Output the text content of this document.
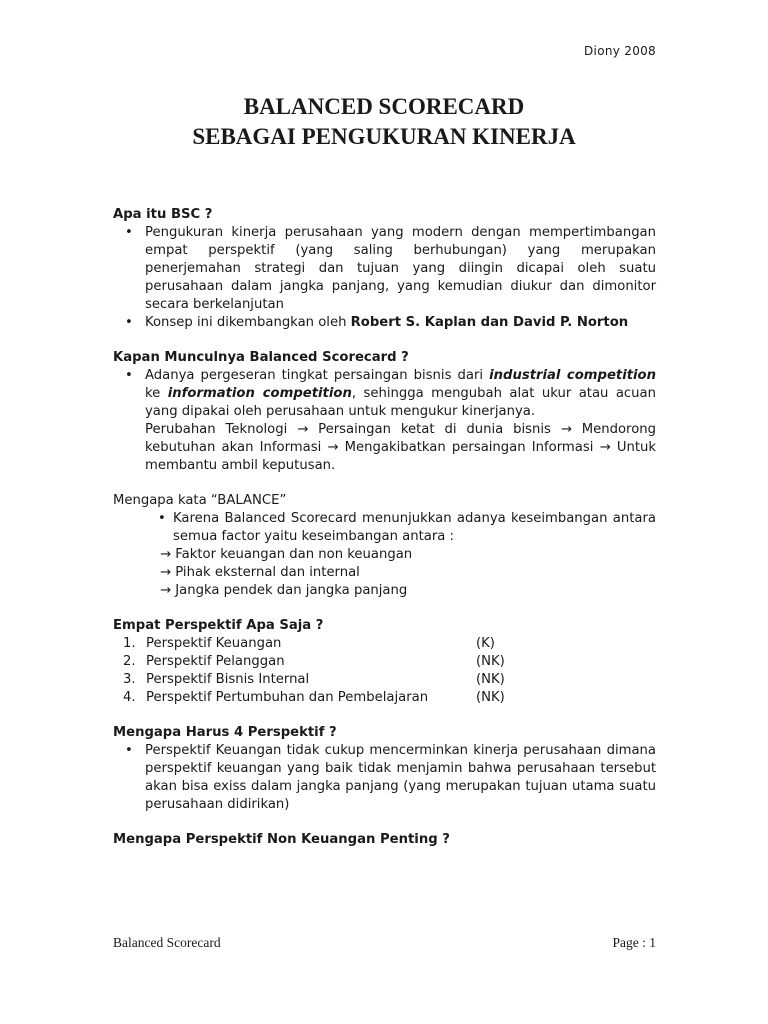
Diony 2008
BALANCED SCORECARD
SEBAGAI PENGUKURAN KINERJA

Apa itu BSC ?

• Pengukuran kinerja perusahaan yang modern dengan mempertimbangan empat perspektif (yang saling berhubungan) yang merupakan penerjemahan strategi dan tujuan yang diingin dicapai oleh suatu perusahaan dalam jangka panjang, yang kemudian diukur dan dimonitor secara berkelanjutan
• Konsep ini dikembangkan oleh Robert S. Kaplan dan David P. Norton

Kapan Munculnya Balanced Scorecard ?

• Adanya pergeseran tingkat persaingan bisnis dari industrial competition ke information competition, sehingga mengubah alat ukur atau acuan yang dipakai oleh perusahaan untuk mengukur kinerjanya.

Perubahan Teknologi → Persaingan ketat di dunia bisnis → Mendorong kebutuhan akan Informasi → Mengakibatkan persaingan Informasi → Untuk membantu ambil keputusan.

Mengapa kata “BALANCE”

• Karena Balanced Scorecard menunjukkan adanya keseimbangan antara semua factor yaitu keseimbangan antara :

→ Faktor keuangan dan non keuangan

→ Pihak eksternal dan internal

→ Jangka pendek dan jangka panjang

Empat Perspektif Apa Saja ?

1. Perspektif Keuangan	(K)
2. Perspektif Pelanggan	(NK)
3. Perspektif Bisnis Internal	(NK)
4. Perspektif Pertumbuhan dan Pembelajaran	(NK)

Mengapa Harus 4 Perspektif ?

• Perspektif Keuangan tidak cukup mencerminkan kinerja perusahaan dimana perspektif keuangan yang baik tidak menjamin bahwa perusahaan tersebut akan bisa exiss dalam jangka panjang (yang merupakan tujuan utama suatu perusahaan didirikan)

Mengapa Perspektif Non Keuangan Penting ?

Balanced Scorecard	Page : 1
